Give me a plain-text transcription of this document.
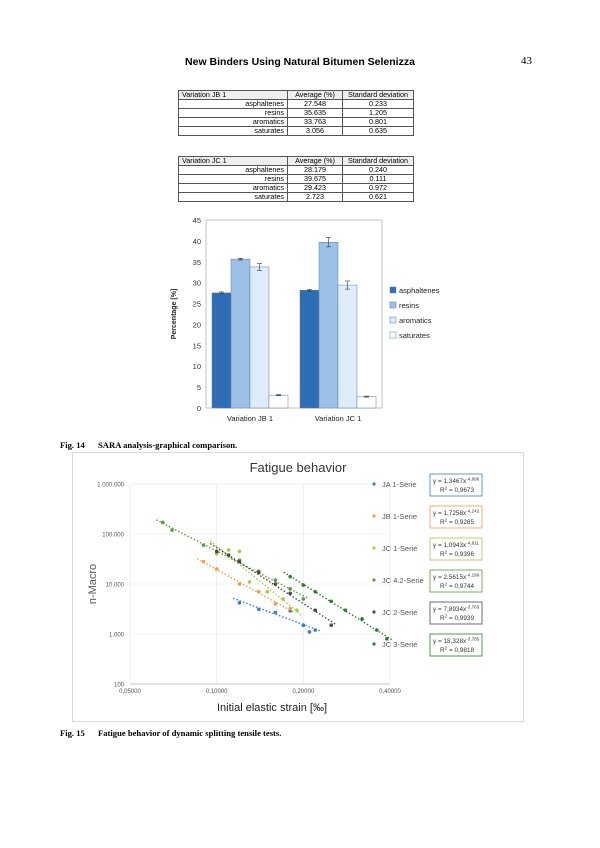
New Binders Using Natural Bitumen Selenizza	43
Variation JB 1	Average (%)	Standard deviation
asphaltenes	27.548	0.233
resins	35.635	1.205
aromatics	33.763	0.801
saturates	3.056	0.635
Variation JC 1	Average (%)	Standard deviation
asphaltenes	28.179	0.240
resins	39.675	0.111
aromatics	29.423	0.972
saturates	2.723	0.621
0
5
10
15
20
25
30
35
40
45
Percentage [%]
Variation JB 1	Variation JC 1
asphaltenes
resins
aromatics
saturates
Fig. 14 SARA analysis-graphical comparison.
Fatigue behavior
100
1.000
10.000
100.000
1.000.000
0,05000	0,10000	0,20000	0,40000
Initial elastic strain [‰]
n-Macro
JA 1-Serie	$y = 1,3467x^{-4,896}$
$R^2 = 0,9673$
JB 1-Serie $y = 1,7258x^{-4,242}$
$R^2 = 0,9285$
JC 1-Serie $y = 1,0943x^{-4,811}$
$R^2 = 0,9396$
JC 4.2-Serie $y = 2,5615x^{-4,199}$
$R^2 = 0,9744$
JC 2-Serie $y = 7,8934x^{-3,763}$
$R^2 = 0,9939$
JC 3-Serie $y = 18,328x^{-3,785}$
$R^2 = 0,9818$
Fig. 15 Fatigue behavior of dynamic splitting tensile tests.
